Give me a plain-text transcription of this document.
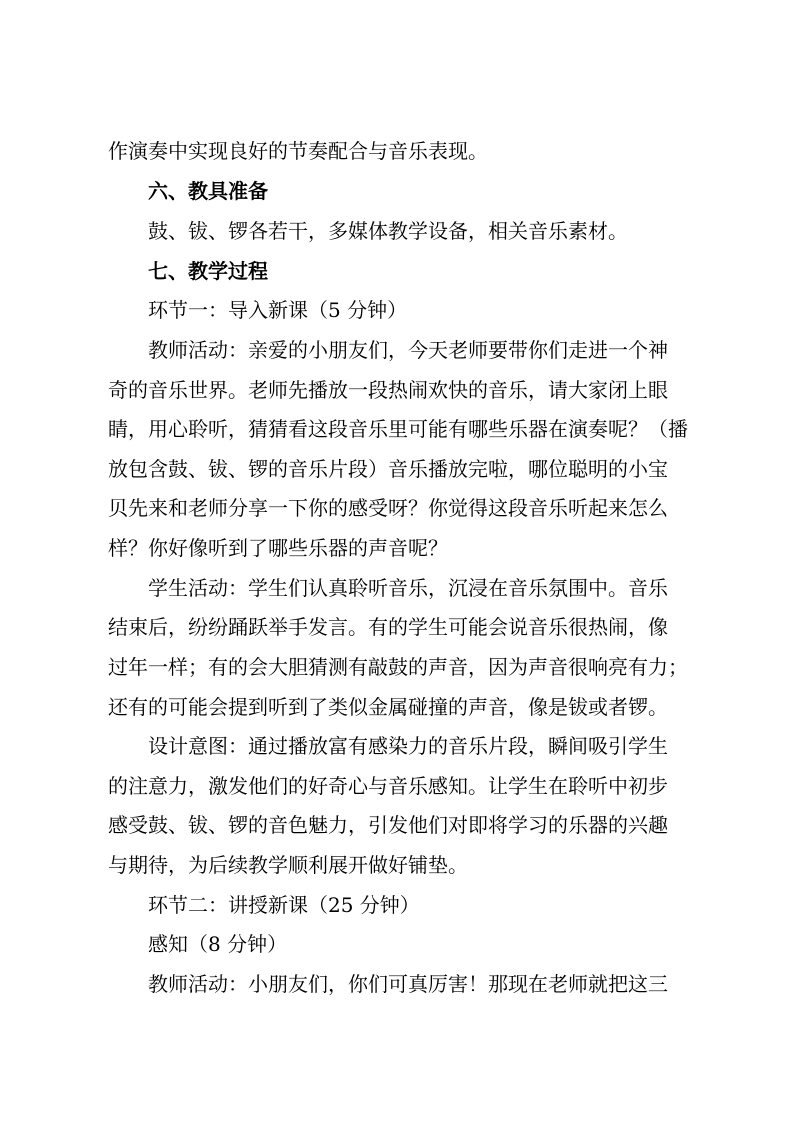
作演奏中实现良好的节奏配合与音乐表现。
六、教具准备
鼓、钹、锣各若干，多媒体教学设备，相关音乐素材。
七、教学过程
环节一：导入新课（5 分钟）
教师活动：亲爱的小朋友们，今天老师要带你们走进一个神
奇的音乐世界。老师先播放一段热闹欢快的音乐，请大家闭上眼
睛，用心聆听，猜猜看这段音乐里可能有哪些乐器在演奏呢？（播
放包含鼓、钹、锣的音乐片段）音乐播放完啦，哪位聪明的小宝
贝先来和老师分享一下你的感受呀？你觉得这段音乐听起来怎么
样？你好像听到了哪些乐器的声音呢？
学生活动：学生们认真聆听音乐，沉浸在音乐氛围中。音乐
结束后，纷纷踊跃举手发言。有的学生可能会说音乐很热闹，像
过年一样；有的会大胆猜测有敲鼓的声音，因为声音很响亮有力；
还有的可能会提到听到了类似金属碰撞的声音，像是钹或者锣。
设计意图：通过播放富有感染力的音乐片段，瞬间吸引学生
的注意力，激发他们的好奇心与音乐感知。让学生在聆听中初步
感受鼓、钹、锣的音色魅力，引发他们对即将学习的乐器的兴趣
与期待，为后续教学顺利展开做好铺垫。
环节二：讲授新课（25 分钟）
感知（8 分钟）
教师活动：小朋友们，你们可真厉害！那现在老师就把这三
